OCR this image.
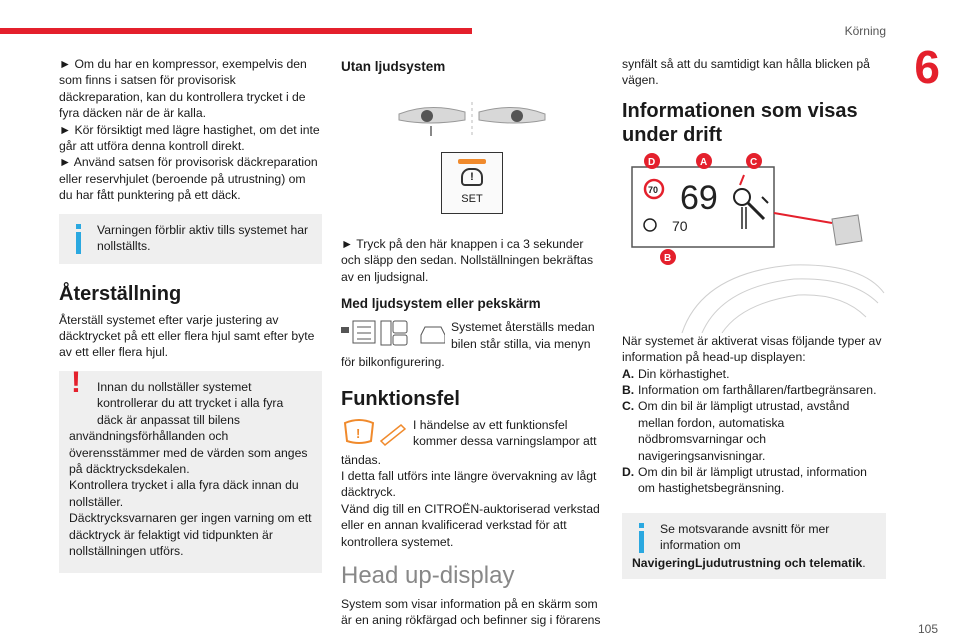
Körning
6

► Om du har en kompressor, exempelvis den som finns i satsen för provisorisk däckreparation, kan du kontrollera trycket i de fyra däcken när de är kalla.

► Kör försiktigt med lägre hastighet, om det inte går att utföra denna kontroll direkt.

► Använd satsen för provisorisk däckreparation eller reservhjulet (beroende på utrustning) om du har fått punktering på ett däck.

Varningen förblir aktiv tills systemet har nollställts.
Återställning

Återställ systemet efter varje justering av däcktrycket på ett eller flera hjul samt efter byte av ett eller flera hjul.

! Innan du nollställer systemet kontrollerar du att trycket i alla fyra däck är anpassat till bilens användningsförhållanden och överensstämmer med de värden som anges på däcktrycksdekalen.
Kontrollera trycket i alla fyra däck innan du nollställer.
Däcktrycksvarnaren ger ingen varning om ett däcktryck är felaktigt vid tidpunkten är nollställningen utförs.
Utan ljudsystem
!
SET

► Tryck på den här knappen i ca 3 sekunder och släpp den sedan. Nollställningen bekräftas av en ljudsignal.

Med ljudsystem eller pekskärm

Systemet återställs medan bilen står stilla, via menyn

för bilkonfigurering.

Funktionsfel
!

I händelse av ett funktionsfel kommer dessa varningslampor att

tändas.
I detta fall utförs inte längre övervakning av lågt däcktryck.
Vänd dig till en CITROËN-auktoriserad verkstad eller en annan kvalificerad verkstad för att kontrollera systemet.

Head up-display

System som visar information på en skärm som är en aning rökfärgad och befinner sig i förarens

synfält så att du samtidigt kan hålla blicken på vägen.

Informationen som visas under drift
70 69
70
D	A	C
B

När systemet är aktiverat visas följande typer av information på head-up displayen:

A. Din körhastighet.
B. Information om farthållaren/fartbegränsaren.
C. Om din bil är lämpligt utrustad, avstånd mellan fordon, automatiska nödbromsvarningar och navigeringsanvisningar.
D. Om din bil är lämpligt utrustad, information om hastighetsbegränsning.
Se motsvarande avsnitt för mer information om
NavigeringLjudutrustning och telematik.
105
